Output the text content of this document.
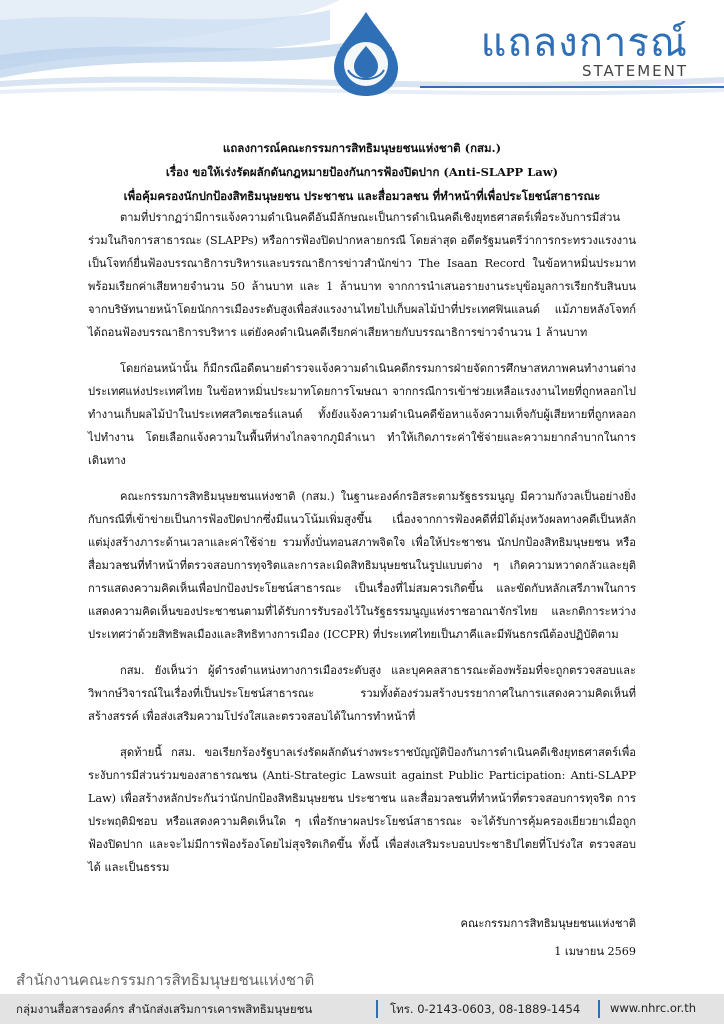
แถลงการณ์
STATEMENT
แถลงการณ์คณะกรรมการสิทธิมนุษยชนแห่งชาติ (กสม.)
เรื่อง ขอให้เร่งรัดผลักดันกฎหมายป้องกันการฟ้องปิดปาก (Anti-SLAPP Law)
เพื่อคุ้มครองนักปกป้องสิทธิมนุษยชน ประชาชน และสื่อมวลชน ที่ทำหน้าที่เพื่อประโยชน์สาธารณะ

ตามที่ปรากฏว่ามีการแจ้งความดำเนินคดีอันมีลักษณะเป็นการดำเนินคดีเชิงยุทธศาสตร์เพื่อระงับการมีส่วนร่วมในกิจการสาธารณะ (SLAPPs) หรือการฟ้องปิดปากหลายกรณี โดยล่าสุด อดีตรัฐมนตรีว่าการกระทรวงแรงงานเป็นโจทก์ยื่นฟ้องบรรณาธิการบริหารและบรรณาธิการข่าวสำนักข่าว The Isaan Record ในข้อหาหมิ่นประมาท พร้อมเรียกค่าเสียหายจำนวน 50 ล้านบาท และ 1 ล้านบาท จากการนำเสนอรายงานระบุข้อมูลการเรียกรับสินบนจากบริษัทนายหน้าโดยนักการเมืองระดับสูงเพื่อส่งแรงงานไทยไปเก็บผลไม้ป่าที่ประเทศฟินแลนด์ แม้ภายหลังโจทก์ได้ถอนฟ้องบรรณาธิการบริหาร แต่ยังคงดำเนินคดีเรียกค่าเสียหายกับบรรณาธิการข่าวจำนวน 1 ล้านบาท

โดยก่อนหน้านั้น ก็มีกรณีอดีตนายตำรวจแจ้งความดำเนินคดีกรรมการฝ่ายจัดการศึกษาสหภาพคนทำงานต่างประเทศแห่งประเทศไทย ในข้อหาหมิ่นประมาทโดยการโฆษณา จากกรณีการเข้าช่วยเหลือแรงงานไทยที่ถูกหลอกไปทำงานเก็บผลไม้ป่าในประเทศสวิตเซอร์แลนด์ ทั้งยังแจ้งความดำเนินคดีข้อหาแจ้งความเท็จกับผู้เสียหายที่ถูกหลอกไปทำงาน โดยเลือกแจ้งความในพื้นที่ห่างไกลจากภูมิลำเนา ทำให้เกิดภาระค่าใช้จ่ายและความยากลำบากในการเดินทาง

คณะกรรมการสิทธิมนุษยชนแห่งชาติ (กสม.) ในฐานะองค์กรอิสระตามรัฐธรรมนูญ มีความกังวลเป็นอย่างยิ่งกับกรณีที่เข้าข่ายเป็นการฟ้องปิดปากซึ่งมีแนวโน้มเพิ่มสูงขึ้น เนื่องจากการฟ้องคดีที่มิได้มุ่งหวังผลทางคดีเป็นหลัก แต่มุ่งสร้างภาระด้านเวลาและค่าใช้จ่าย รวมทั้งบั่นทอนสภาพจิตใจ เพื่อให้ประชาชน นักปกป้องสิทธิมนุษยชน หรือสื่อมวลชนที่ทำหน้าที่ตรวจสอบการทุจริตและการละเมิดสิทธิมนุษยชนในรูปแบบต่าง ๆ เกิดความหวาดกลัวและยุติการแสดงความคิดเห็นเพื่อปกป้องประโยชน์สาธารณะ เป็นเรื่องที่ไม่สมควรเกิดขึ้น และขัดกับหลักเสรีภาพในการแสดงความคิดเห็นของประชาชนตามที่ได้รับการรับรองไว้ในรัฐธรรมนูญแห่งราชอาณาจักรไทย และกติการะหว่างประเทศว่าด้วยสิทธิพลเมืองและสิทธิทางการเมือง (ICCPR) ที่ประเทศไทยเป็นภาคีและมีพันธกรณีต้องปฏิบัติตาม

กสม. ยังเห็นว่า ผู้ดำรงตำแหน่งทางการเมืองระดับสูง และบุคคลสาธารณะต้องพร้อมที่จะถูกตรวจสอบและวิพากษ์วิจารณ์ในเรื่องที่เป็นประโยชน์สาธารณะ รวมทั้งต้องร่วมสร้างบรรยากาศในการแสดงความคิดเห็นที่สร้างสรรค์ เพื่อส่งเสริมความโปร่งใสและตรวจสอบได้ในการทำหน้าที่

สุดท้ายนี้ กสม. ขอเรียกร้องรัฐบาลเร่งรัดผลักดันร่างพระราชบัญญัติป้องกันการดำเนินคดีเชิงยุทธศาสตร์เพื่อระงับการมีส่วนร่วมของสาธารณชน (Anti-Strategic Lawsuit against Public Participation: Anti-SLAPP Law) เพื่อสร้างหลักประกันว่านักปกป้องสิทธิมนุษยชน ประชาชน และสื่อมวลชนที่ทำหน้าที่ตรวจสอบการทุจริต การประพฤติมิชอบ หรือแสดงความคิดเห็นใด ๆ เพื่อรักษาผลประโยชน์สาธารณะ จะได้รับการคุ้มครองเยียวยาเมื่อถูกฟ้องปิดปาก และจะไม่มีการฟ้องร้องโดยไม่สุจริตเกิดขึ้น ทั้งนี้ เพื่อส่งเสริมระบอบประชาธิปไตยที่โปร่งใส ตรวจสอบได้ และเป็นธรรม

คณะกรรมการสิทธิมนุษยชนแห่งชาติ
1 เมษายน 2569
สำนักงานคณะกรรมการสิทธิมนุษยชนแห่งชาติ
กลุ่มงานสื่อสารองค์กร สำนักส่งเสริมการเคารพสิทธิมนุษยชน	โทร. 0-2143-0603, 08-1889-1454	www.nhrc.or.th
